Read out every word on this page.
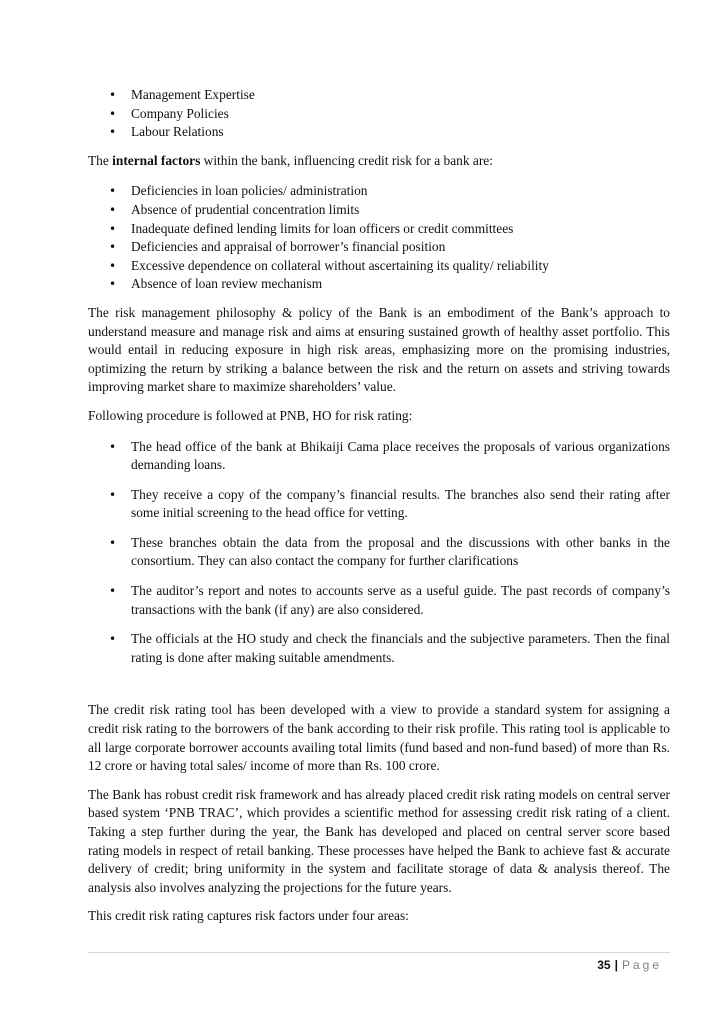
• Management Expertise
• Company Policies
• Labour Relations

The internal factors within the bank, influencing credit risk for a bank are:

• Deficiencies in loan policies/ administration
• Absence of prudential concentration limits
• Inadequate defined lending limits for loan officers or credit committees
• Deficiencies and appraisal of borrower’s financial position
• Excessive dependence on collateral without ascertaining its quality/ reliability
• Absence of loan review mechanism

The risk management philosophy & policy of the Bank is an embodiment of the Bank’s approach to understand measure and manage risk and aims at ensuring sustained growth of healthy asset portfolio. This would entail in reducing exposure in high risk areas, emphasizing more on the promising industries, optimizing the return by striking a balance between the risk and the return on assets and striving towards improving market share to maximize shareholders’ value.

Following procedure is followed at PNB, HO for risk rating:

• The head office of the bank at Bhikaiji Cama place receives the proposals of various organizations demanding loans.
• They receive a copy of the company’s financial results. The branches also send their rating after some initial screening to the head office for vetting.
• These branches obtain the data from the proposal and the discussions with other banks in the consortium. They can also contact the company for further clarifications
• The auditor’s report and notes to accounts serve as a useful guide. The past records of company’s transactions with the bank (if any) are also considered.
• The officials at the HO study and check the financials and the subjective parameters. Then the final rating is done after making suitable amendments.

The credit risk rating tool has been developed with a view to provide a standard system for assigning a credit risk rating to the borrowers of the bank according to their risk profile. This rating tool is applicable to all large corporate borrower accounts availing total limits (fund based and non-fund based) of more than Rs. 12 crore or having total sales/ income of more than Rs. 100 crore.

The Bank has robust credit risk framework and has already placed credit risk rating models on central server based system ‘PNB TRAC’, which provides a scientific method for assessing credit risk rating of a client. Taking a step further during the year, the Bank has developed and placed on central server score based rating models in respect of retail banking. These processes have helped the Bank to achieve fast & accurate delivery of credit; bring uniformity in the system and facilitate storage of data & analysis thereof. The analysis also involves analyzing the projections for the future years.

This credit risk rating captures risk factors under four areas:

35 | Page
